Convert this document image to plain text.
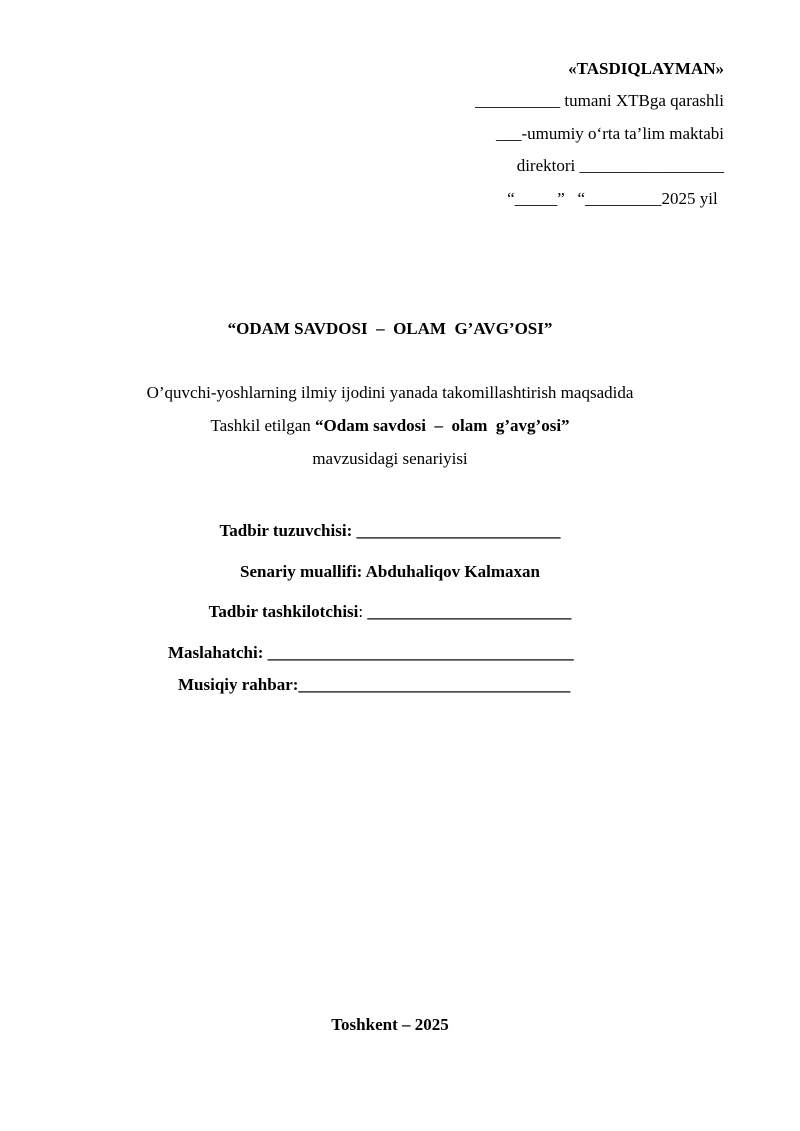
«TASDIQLAYMAN»
__________ tumani XTBga qarashli
___-umumiy o‘rta ta’lim maktabi
direktori _________________
“_____”   “_________2025 yil
“ODAM SAVDOSI  –  OLAM  G’AVG’OSI”
O’quvchi-yoshlarning ilmiy ijodini yanada takomillashtirish maqsadida
Tashkil etilgan “Odam savdosi  –  olam  g’avg’osi”
mavzusidagi senariyisi
Tadbir tuzuvchisi: ________________________
Senariy muallifi: Abduhaliqov Kalmaxan
Tadbir tashkilotchisi: ________________________
Maslahatchi: ____________________________________
Musiqiy rahbar:________________________________
Toshkent – 2025
